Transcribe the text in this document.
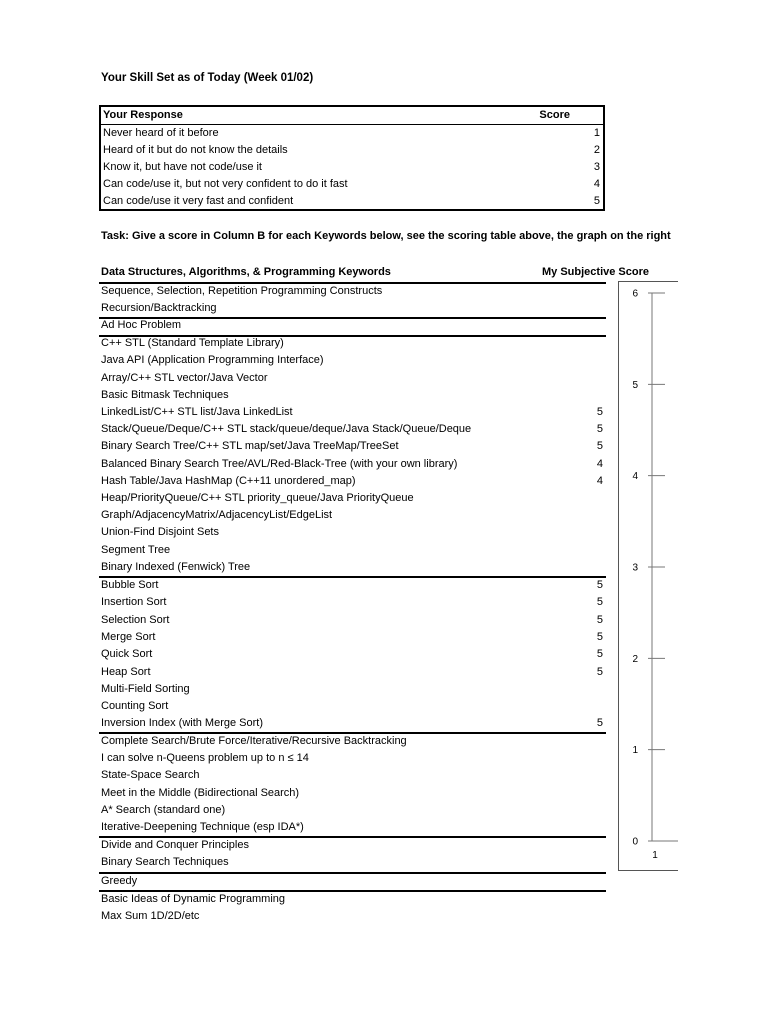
Your Skill Set as of Today (Week 01/02)
Your Response	Score
Never heard of it before	1
Heard of it but do not know the details	2
Know it, but have not code/use it	3
Can code/use it, but not very confident to do it fast	4
Can code/use it very fast and confident	5
Task: Give a score in Column B for each Keywords below, see the scoring table above, the graph on the right
Data Structures, Algorithms, & Programming Keywords	My Subjective Score
0
1
2
3
4
5
6
1
Sequence, Selection, Repetition Programming Constructs
Recursion/Backtracking
Ad Hoc Problem
C++ STL (Standard Template Library)
Java API (Application Programming Interface)
Array/C++ STL vector/Java Vector
Basic Bitmask Techniques
LinkedList/C++ STL list/Java LinkedList	5
Stack/Queue/Deque/C++ STL stack/queue/deque/Java Stack/Queue/Deque	5
Binary Search Tree/C++ STL map/set/Java TreeMap/TreeSet	5
Balanced Binary Search Tree/AVL/Red-Black-Tree (with your own library)	4
Hash Table/Java HashMap (C++11 unordered_map)	4
Heap/PriorityQueue/C++ STL priority_queue/Java PriorityQueue
Graph/AdjacencyMatrix/AdjacencyList/EdgeList
Union-Find Disjoint Sets
Segment Tree
Binary Indexed (Fenwick) Tree
Bubble Sort	5
Insertion Sort	5
Selection Sort	5
Merge Sort	5
Quick Sort	5
Heap Sort	5
Multi-Field Sorting
Counting Sort
Inversion Index (with Merge Sort)	5
Complete Search/Brute Force/Iterative/Recursive Backtracking
I can solve n-Queens problem up to n ≤ 14
State-Space Search
Meet in the Middle (Bidirectional Search)
A* Search (standard one)
Iterative-Deepening Technique (esp IDA*)
Divide and Conquer Principles
Binary Search Techniques
Greedy
Basic Ideas of Dynamic Programming
Max Sum 1D/2D/etc
